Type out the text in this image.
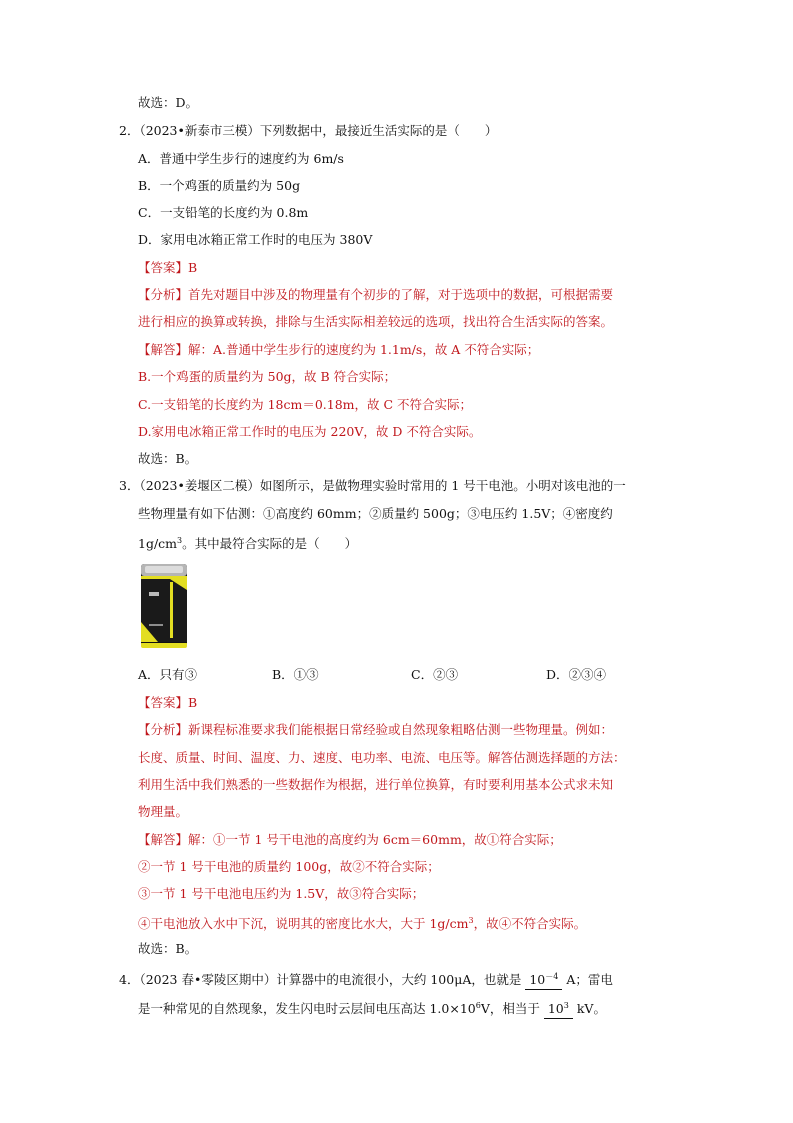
故选：D。
2．（2023•新泰市三模）下列数据中，最接近生活实际的是（　　）
A．普通中学生步行的速度约为 6m/s
B．一个鸡蛋的质量约为 50g
C．一支铅笔的长度约为 0.8m
D．家用电冰箱正常工作时的电压为 380V
【答案】B
【分析】首先对题目中涉及的物理量有个初步的了解，对于选项中的数据，可根据需要
进行相应的换算或转换，排除与生活实际相差较远的选项，找出符合生活实际的答案。
【解答】解：A.普通中学生步行的速度约为 1.1m/s，故 A 不符合实际；
B.一个鸡蛋的质量约为 50g，故 B 符合实际；
C.一支铅笔的长度约为 18cm＝0.18m，故 C 不符合实际；
D.家用电冰箱正常工作时的电压为 220V，故 D 不符合实际。
故选：B。
3．（2023•姜堰区二模）如图所示，是做物理实验时常用的 1 号干电池。小明对该电池的一
些物理量有如下估测：①高度约 60mm；②质量约 500g；③电压约 1.5V；④密度约
$1g/cm^3$。其中最符合实际的是（　　）
A．只有③	B．①③	C．②③	D．②③④
【答案】B
【分析】新课程标准要求我们能根据日常经验或自然现象粗略估测一些物理量。例如：
长度、质量、时间、温度、力、速度、电功率、电流、电压等。解答估测选择题的方法：
利用生活中我们熟悉的一些数据作为根据，进行单位换算，有时要利用基本公式求未知
物理量。
【解答】解：①一节 1 号干电池的高度约为 6cm＝60mm，故①符合实际；
②一节 1 号干电池的质量约 100g，故②不符合实际；
③一节 1 号干电池电压约为 1.5V，故③符合实际；
④干电池放入水中下沉，说明其的密度比水大，大于 $1g/cm^3$，故④不符合实际。
故选：B。
4．（2023 春•零陵区期中）计算器中的电流很小，大约 100μA，也就是 $10^{-4}$ A；雷电
是一种常见的自然现象，发生闪电时云层间电压高达 $1.0\times 10^6V$，相当于 $10^3$ kV。
